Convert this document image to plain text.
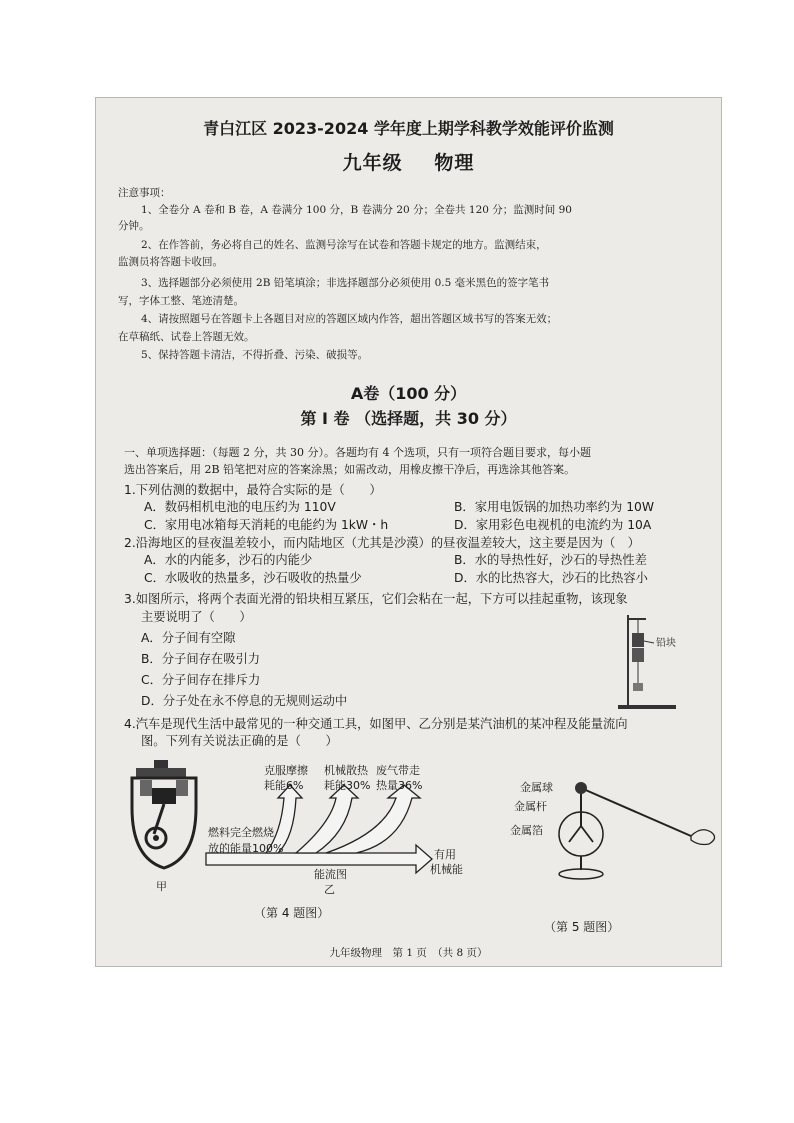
青白江区 2023-2024 学年度上期学科教学效能评价监测
九年级 物理
注意事项：
1、全卷分 A 卷和 B 卷，A 卷满分 100 分，B 卷满分 20 分；全卷共 120 分；监测时间 90
分钟。
2、在作答前，务必将自己的姓名、监测号涂写在试卷和答题卡规定的地方。监测结束，
监测员将答题卡收回。
3、选择题部分必须使用 2B 铅笔填涂；非选择题部分必须使用 0.5 毫米黑色的签字笔书
写，字体工整、笔迹清楚。
4、请按照题号在答题卡上各题目对应的答题区域内作答，超出答题区域书写的答案无效；
在草稿纸、试卷上答题无效。
5、保持答题卡清洁，不得折叠、污染、破损等。
A卷（100 分）
第 Ⅰ 卷 （选择题，共 30 分）
一、单项选择题：（每题 2 分，共 30 分）。各题均有 4 个选项，只有一项符合题目要求，每小题
选出答案后，用 2B 铅笔把对应的答案涂黑；如需改动，用橡皮擦干净后，再选涂其他答案。
1.下列估测的数据中，最符合实际的是（　　）
A．数码相机电池的电压约为 110V	B．家用电饭锅的加热功率约为 10W
C．家用电冰箱每天消耗的电能约为 1kW・h	D．家用彩色电视机的电流约为 10A
2.沿海地区的昼夜温差较小，而内陆地区（尤其是沙漠）的昼夜温差较大，这主要是因为（　）
A．水的内能多，沙石的内能少	B．水的导热性好，沙石的导热性差
C．水吸收的热量多，沙石吸收的热量少	D．水的比热容大，沙石的比热容小
3.如图所示，将两个表面光滑的铅块相互紧压，它们会粘在一起，下方可以挂起重物，该现象
主要说明了（　　）
A．分子间有空隙
B．分子间存在吸引力
C．分子间存在排斥力
D．分子处在永不停息的无规则运动中
铅块
4.汽车是现代生活中最常见的一种交通工具，如图甲、乙分别是某汽油机的某冲程及能量流向
图。下列有关说法正确的是（　　）
甲
克服摩擦
耗能6%
机械散热
耗能30%
废气带走
热量36%
燃料完全燃烧
放的能量100%	有用
机械能
能流图
乙
（第 4 题图）
金属球
金属杆
金属箔
（第 5 题图）
九年级物理　第 1 页　（共 8 页）
